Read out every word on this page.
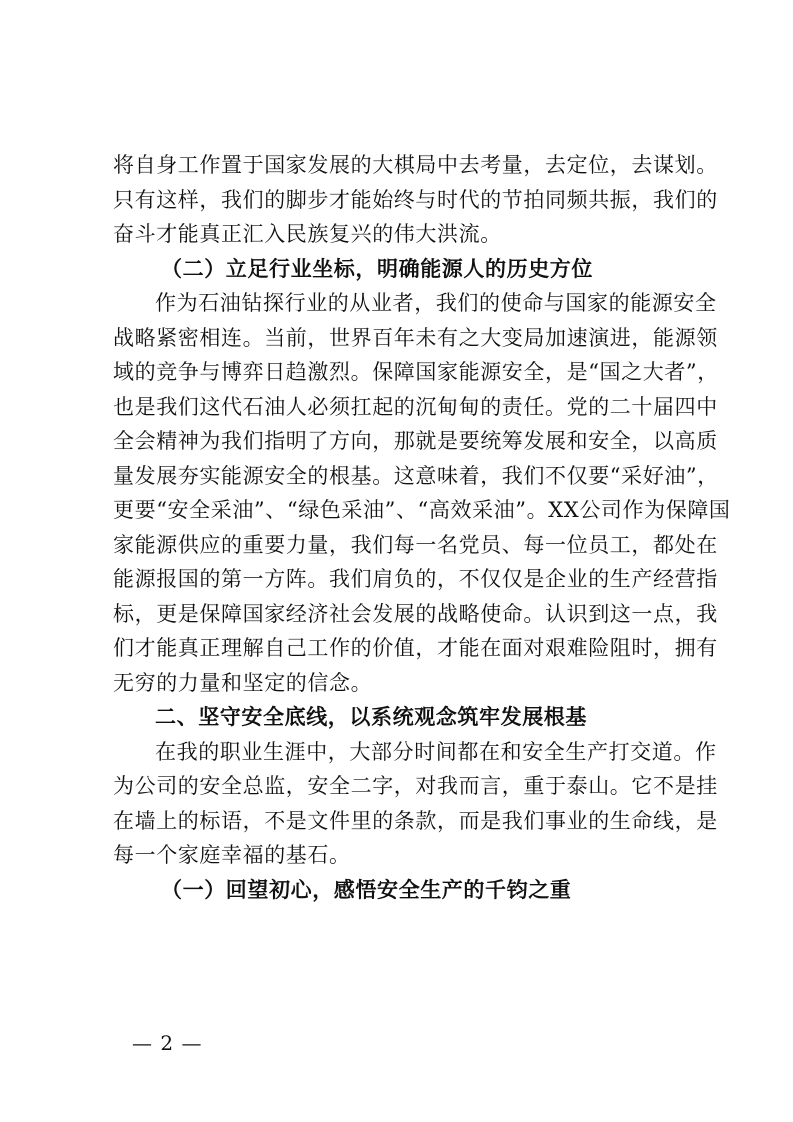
将自身工作置于国家发展的大棋局中去考量，去定位，去谋划。
只有这样，我们的脚步才能始终与时代的节拍同频共振，我们的
奋斗才能真正汇入民族复兴的伟大洪流。
（二）立足行业坐标，明确能源人的历史方位
作为石油钻探行业的从业者，我们的使命与国家的能源安全
战略紧密相连。当前，世界百年未有之大变局加速演进，能源领
域的竞争与博弈日趋激烈。保障国家能源安全，是“国之大者”，
也是我们这代石油人必须扛起的沉甸甸的责任。党的二十届四中
全会精神为我们指明了方向，那就是要统筹发展和安全，以高质
量发展夯实能源安全的根基。这意味着，我们不仅要“采好油”，
更要“安全采油”、“绿色采油”、“高效采油”。XX公司作为保障国
家能源供应的重要力量，我们每一名党员、每一位员工，都处在
能源报国的第一方阵。我们肩负的，不仅仅是企业的生产经营指
标，更是保障国家经济社会发展的战略使命。认识到这一点，我
们才能真正理解自己工作的价值，才能在面对艰难险阻时，拥有
无穷的力量和坚定的信念。
二、坚守安全底线，以系统观念筑牢发展根基
在我的职业生涯中，大部分时间都在和安全生产打交道。作
为公司的安全总监，安全二字，对我而言，重于泰山。它不是挂
在墙上的标语，不是文件里的条款，而是我们事业的生命线，是
每一个家庭幸福的基石。
（一）回望初心，感悟安全生产的千钧之重
— 2 —
